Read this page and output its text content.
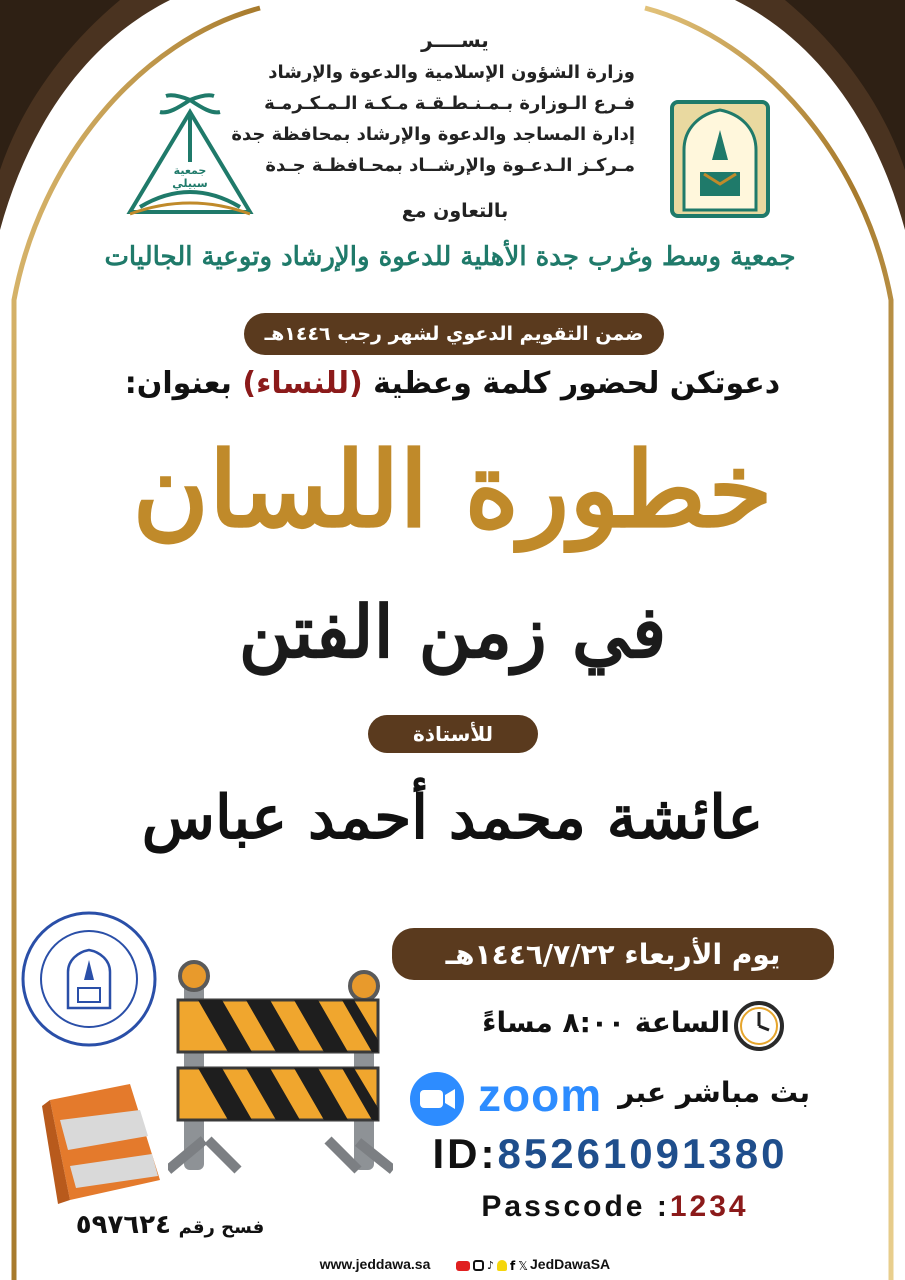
يســــر
وزارة الشؤون الإسلامية والدعوة والإرشاد
فـرع الـوزارة بـمـنـطـقـة مـكـة الـمـكـرمـة
إدارة المساجد والدعوة والإرشاد بمحافظة جدة
مـركـز الـدعـوة والإرشــاد بمحـافظـة جـدة
بالتعاون مع
جمعية سبيلي
جمعية وسط وغرب جدة الأهلية للدعوة والإرشاد وتوعية الجاليات
ضمن التقويم الدعوي لشهر رجب ١٤٤٦هـ
دعوتكن لحضور كلمة وعظية (للنساء) بعنوان:
خطورة اللسان
في زمن الفتن
للأستاذة
عائشة محمد أحمد عباس
يوم الأربعاء ١٤٤٦/٧/٢٢هـ
الساعة ٨:٠٠ مساءً
zoom بث مباشر عبر
ID:85261091380
Passcode :1234
فسح رقم ٥٩٧٦٢٤
www.jeddawa.sa	♪ f 𝕏 JedDawaSA
